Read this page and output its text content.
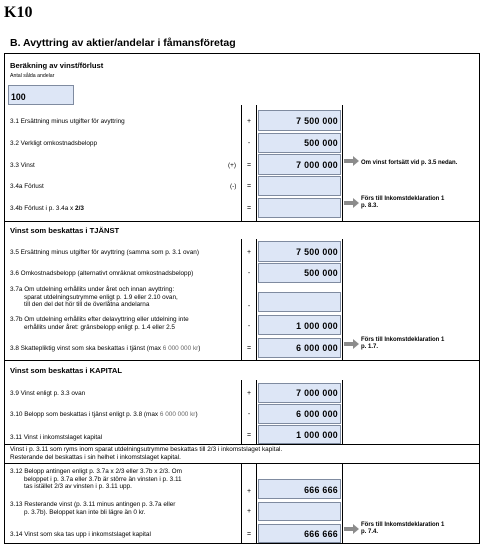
K10
B. Avyttring av aktier/andelar i fåmansföretag
Beräkning av vinst/förlust
Antal sålda andelar
100
3.1 Ersättning minus utgifter för avyttring	+	7 500 000
3.2 Verkligt omkostnadsbelopp	-	500 000
3.3 Vinst	(+)	=	7 000 000	Om vinst fortsätt vid p. 3.5 nedan.
3.4a Förlust	(-)	=
3.4b Förlust i p. 3.4a x 2/3	=
Förs till Inkomstdeklaration 1
p. 8.3.
Vinst som beskattas i TJÄNST
3.5 Ersättning minus utgifter för avyttring (samma som p. 3.1 ovan)	+	7 500 000
3.6 Omkostnadsbelopp (alternativt omräknat omkostnadsbelopp)	-	500 000
3.7a Om utdelning erhållits under året och innan avyttring:
sparat utdelningsutrymme enligt p. 1.9 eller 2.10 ovan,
till den del det hör till de överlåtna andelarna	-
3.7b Om utdelning erhållits efter delavyttring eller utdelning inte
erhållits under året: gränsbelopp enligt p. 1.4 eller 2.5	-	1 000 000
3.8 Skattepliktig vinst som ska beskattas i tjänst (max 6 000 000 kr)	=	6 000 000
Förs till Inkomstdeklaration 1
p. 1.7.
Vinst som beskattas i KAPITAL
3.9 Vinst enligt p. 3.3 ovan	+	7 000 000
3.10 Belopp som beskattas i tjänst enligt p. 3.8 (max 6 000 000 kr)	-	6 000 000
3.11 Vinst i inkomstslaget kapital	=	1 000 000
Vinst i p. 3.11 som ryms inom sparat utdelningsutrymme beskattas till 2/3 i inkomstslaget kapital.
Resterande del beskattas i sin helhet i inkomstslaget kapital.
3.12 Belopp antingen enligt p. 3.7a x 2/3 eller 3.7b x 2/3. Om
beloppet i p. 3.7a eller 3.7b är större än vinsten i p. 3.11
tas istället 2/3 av vinsten i p. 3.11 upp.
+	666 666
3.13 Resterande vinst (p. 3.11 minus antingen p. 3.7a eller
p. 3.7b). Beloppet kan inte bli lägre än 0 kr.	+
3.14 Vinst som ska tas upp i inkomstslaget kapital	=	666 666
Förs till Inkomstdeklaration 1
p. 7.4.
